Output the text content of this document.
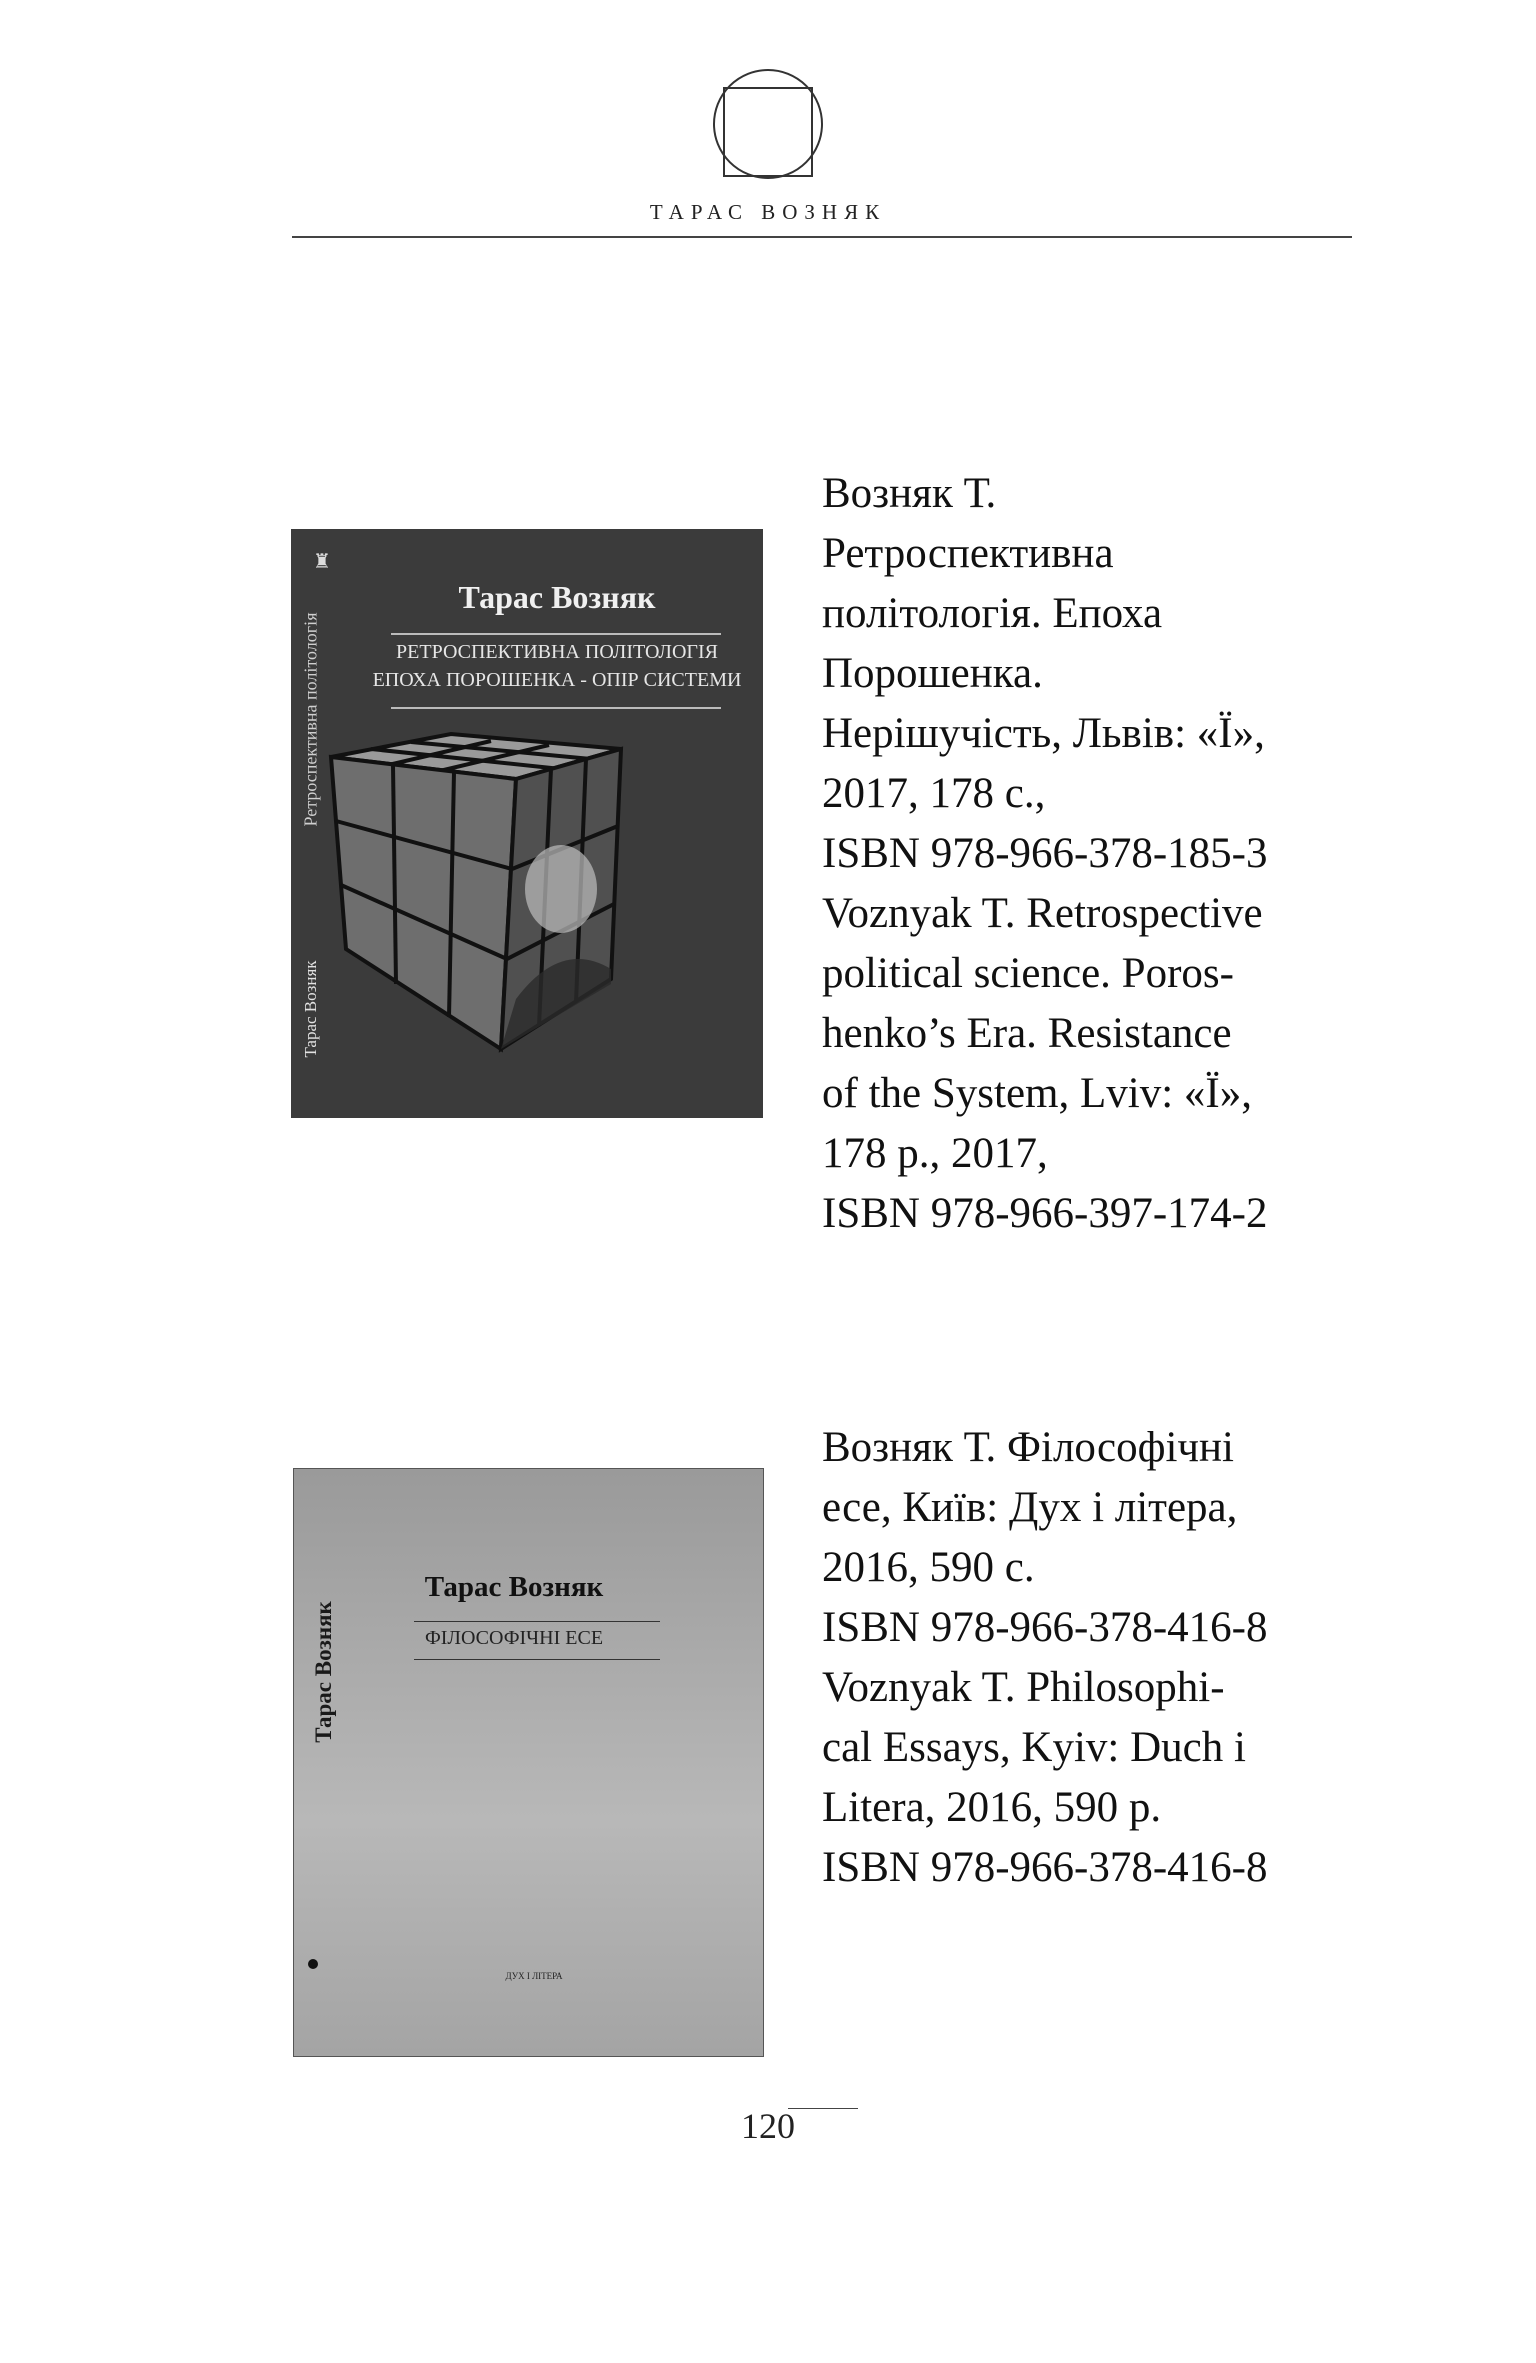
ТАРАС ВОЗНЯК
♜
Ретроспективна політологія
Тарас Возняк
Тарас Возняк
РЕТРОСПЕКТИВНА ПОЛІТОЛОГІЯ
ЕПОХА ПОРОШЕНКА - ОПІР СИСТЕМИ
Возняк Т.
Ретроспективна
політологія. Епоха
Порошенка.
Нерішучість, Львів: «Ї»,
2017, 178 с.,
ISBN 978-966-378-185-3
Voznyak T. Retrospective
political science. Poros-
henko’s Era. Resistance
of the System, Lviv: «Ï»,
178 p., 2017,
ISBN 978-966-397-174-2
Тарас Возняк
Тарас Возняк
ФІЛОСОФІЧНІ ЕСЕ
ДУХ І ЛІТЕРА
Возняк Т. Філософічні
есе, Київ: Дух і літера,
2016, 590 с.
ISBN 978-966-378-416-8
Voznyak T. Philosophi-
cal Essays, Kyiv: Duch i
Litera, 2016, 590 p.
ISBN 978-966-378-416-8
120
